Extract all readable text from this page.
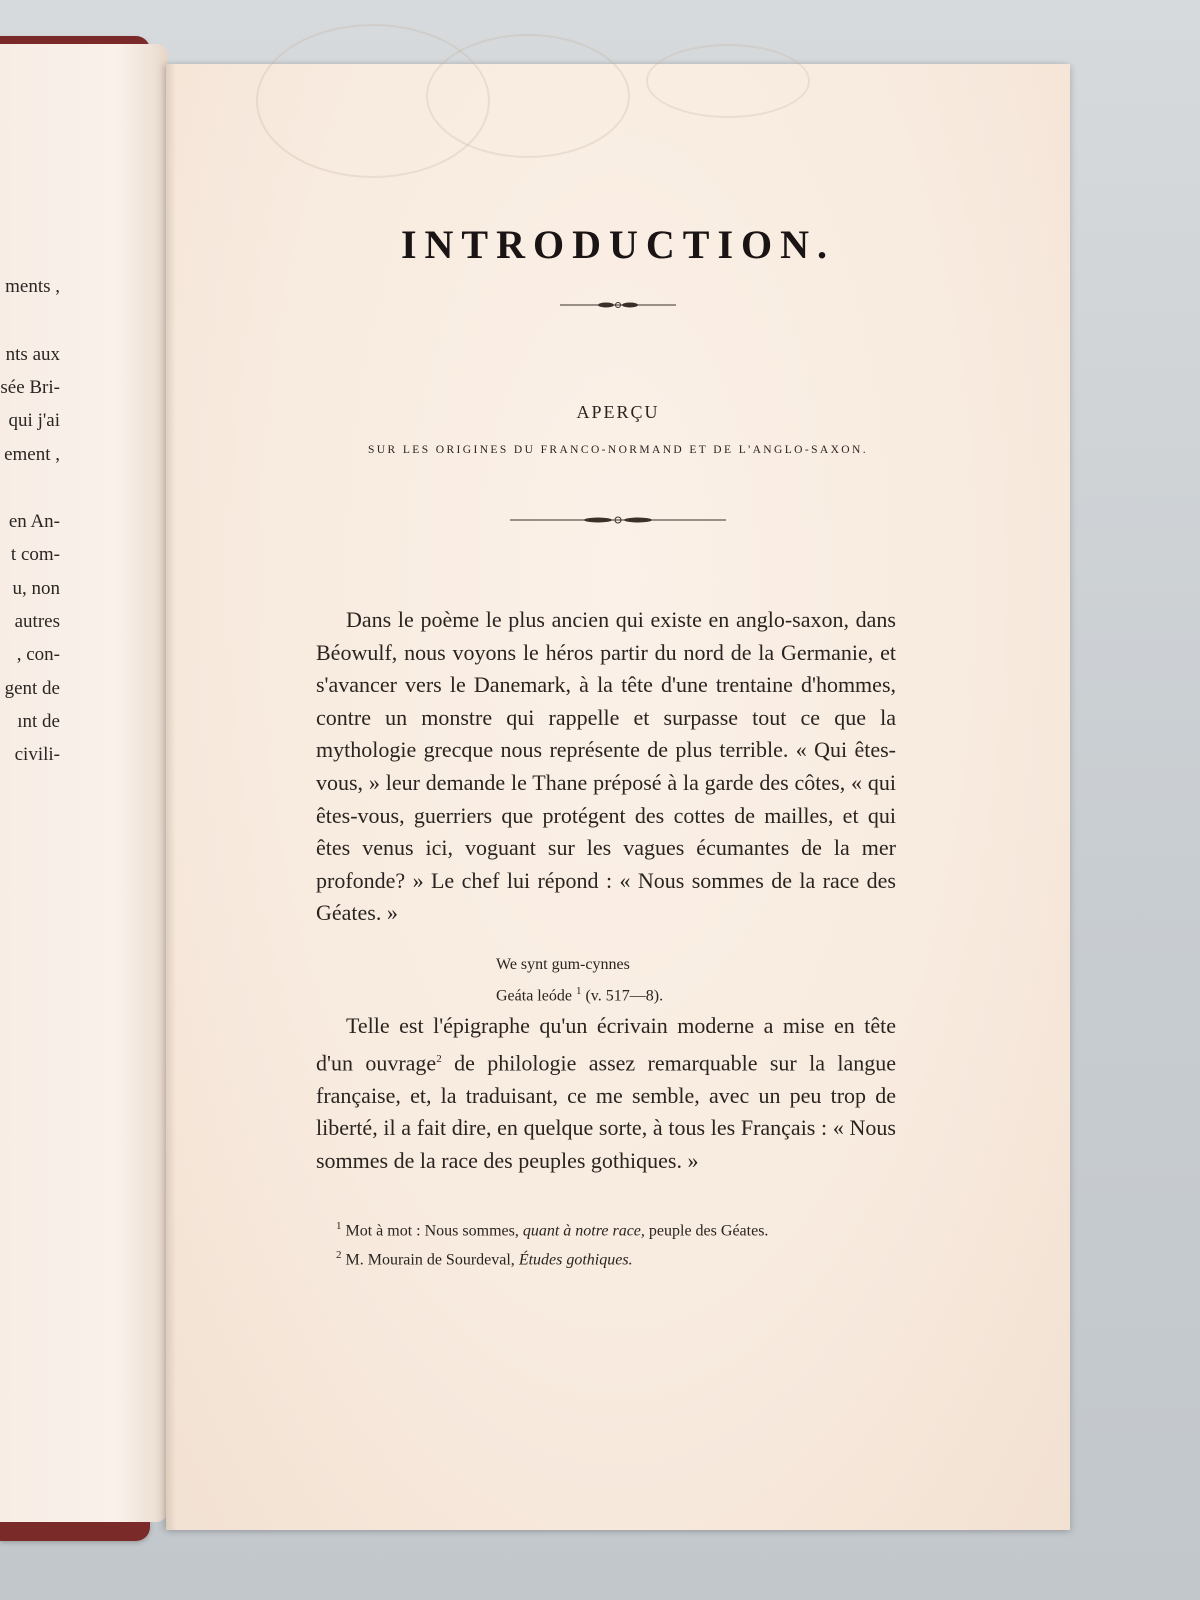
ments ,
nts aux
sée Bri-
qui j'ai
ement ,
en An-
t com-
u, non
autres
, con-
gent de
ınt de
civili-
INTRODUCTION.
APERÇU
SUR LES ORIGINES DU FRANCO-NORMAND ET DE L'ANGLO-SAXON.
Dans le poème le plus ancien qui existe en anglo-saxon, dans Béowulf, nous voyons le héros partir du nord de la Germanie, et s'avancer vers le Danemark, à la tête d'une trentaine d'hommes, contre un monstre qui rappelle et surpasse tout ce que la mythologie grecque nous représente de plus terrible. « Qui êtes-vous, » leur demande le Thane préposé à la garde des côtes, « qui êtes-vous, guerriers que protégent des cottes de mailles, et qui êtes venus ici, voguant sur les vagues écumantes de la mer profonde? » Le chef lui répond : « Nous sommes de la race des Géates. »
We synt gum-cynnes
Geáta leóde $^1$ (v. 517—8).
Telle est l'épigraphe qu'un écrivain moderne a mise en tête d'un ouvrage$^2$ de philologie assez remarquable sur la langue française, et, la traduisant, ce me semble, avec un peu trop de liberté, il a fait dire, en quelque sorte, à tous les Français : « Nous sommes de la race des peuples gothiques. »
$^1$ Mot à mot : Nous sommes, quant à notre race, peuple des Géates.
$^2$ M. Mourain de Sourdeval, Études gothiques.
